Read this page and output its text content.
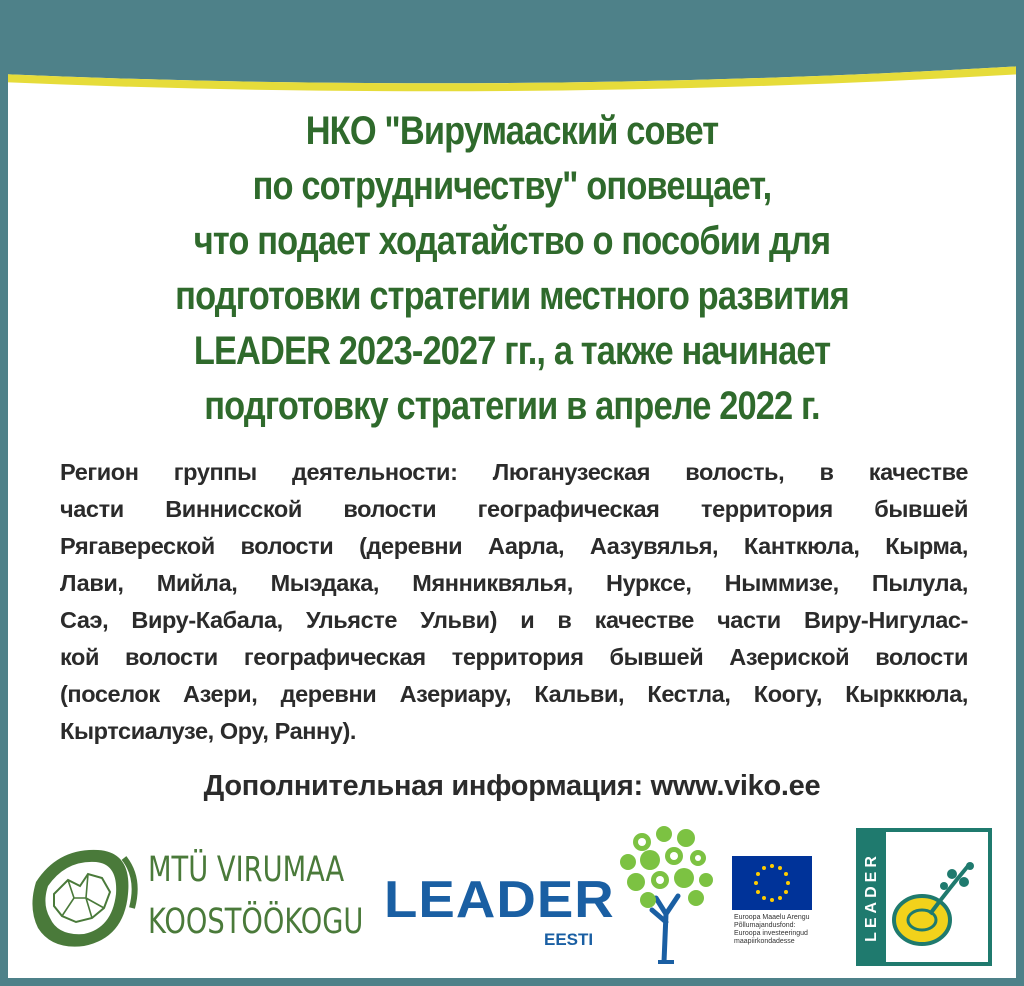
НКО "Вирумааский совет
по сотрудничеству" оповещает,
что подает ходатайство о пособии для
подготовки стратегии местного развития
LEADER 2023-2027 гг., а также начинает
подготовку стратегии в апреле 2022 г.
Регион группы деятельности: Люганузеская волость, в качестве
части Виннисской волости географическая территория бывшей
Рягавереской волости (деревни Аарла, Аазувялья, Канткюла, Кырма,
Лави, Мийла, Мыэдака, Мянниквялья, Нурксе, Ныммизе, Пылула,
Саэ, Виру-Кабала, Ульясте Ульви) и в качестве части Виру-Нигулас-
кой волости географическая территория бывшей Азериской волости
(поселок Азери, деревни Азериару, Кальви, Кестла, Коогу, Кырккюла,
Кыртсиалузе, Ору, Ранну).
Дополнительная информация: www.viko.ee
MTÜ VIRUMAA
KOOSTÖÖKOGU LEADER
EESTI
Euroopa Maaelu Arengu
Põllumajandusfond:
Euroopa investeeringud
maapiirkondadesse	LEADER
